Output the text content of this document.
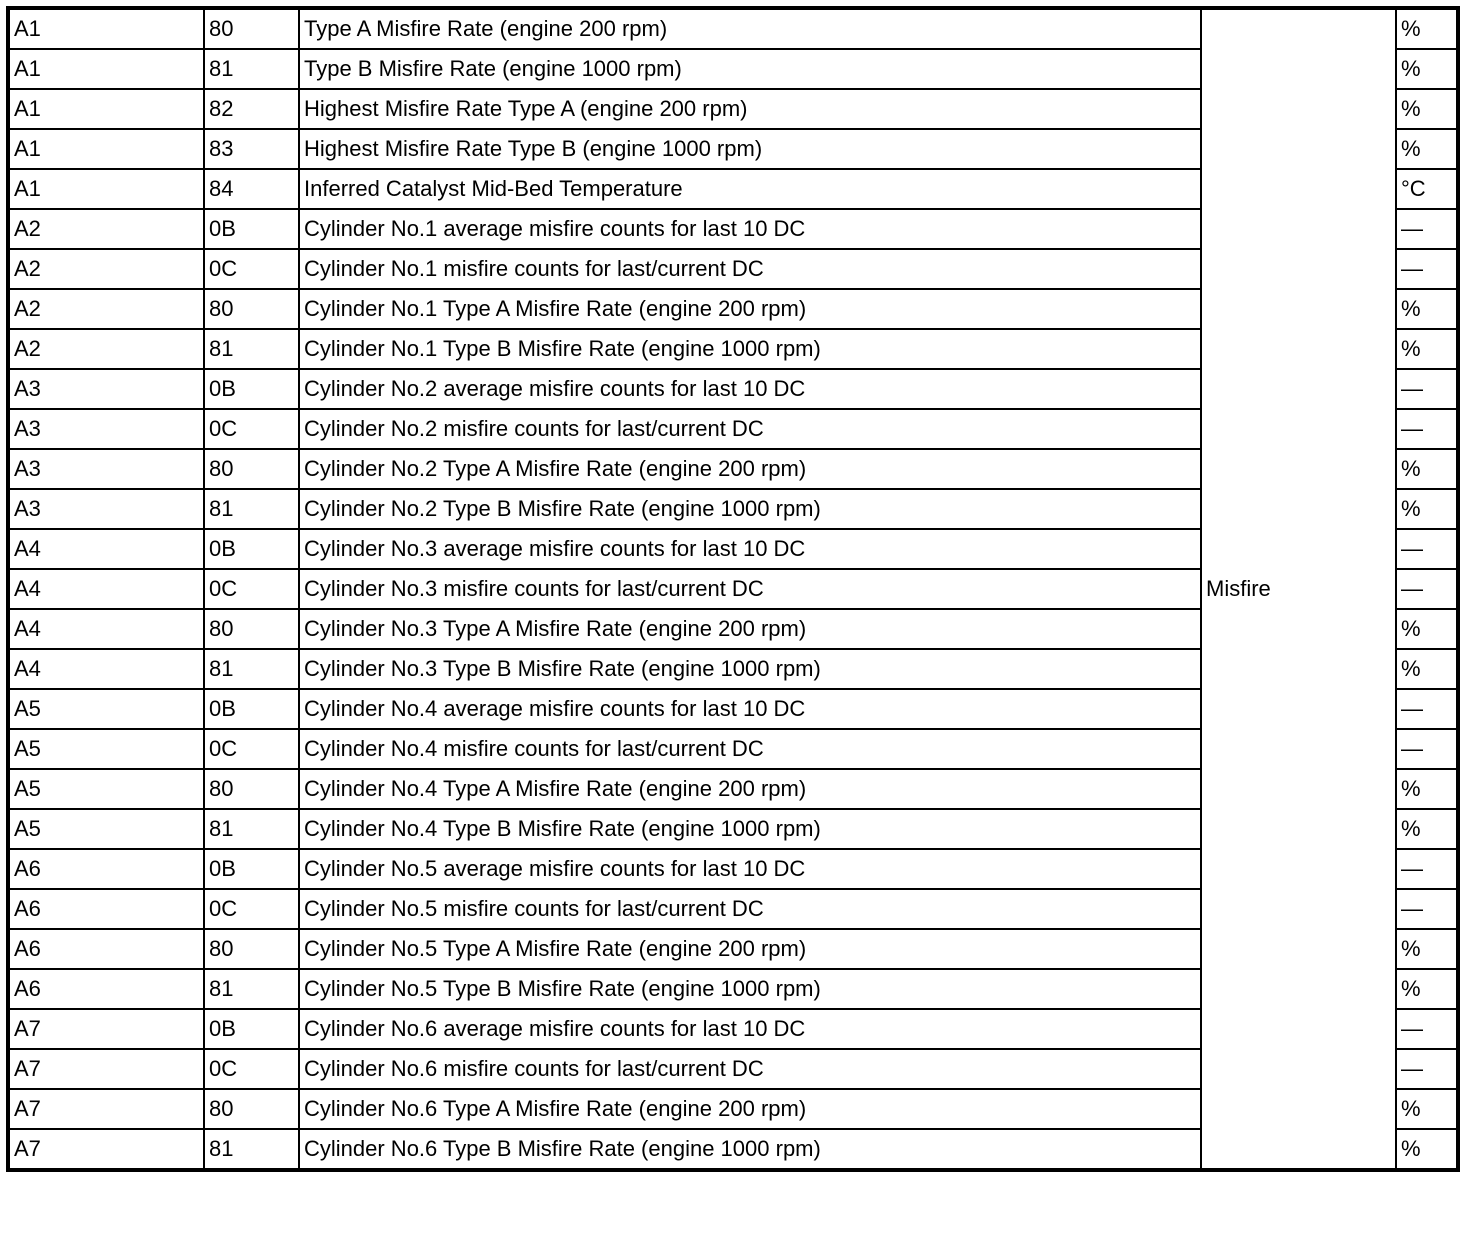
A1	80	Type A Misfire Rate (engine 200 rpm)	Misfire	%
A1	81	Type B Misfire Rate (engine 1000 rpm)		%
A1	82	Highest Misfire Rate Type A (engine 200 rpm)		%
A1	83	Highest Misfire Rate Type B (engine 1000 rpm)		%
A1	84	Inferred Catalyst Mid-Bed Temperature		°C
A2	0B	Cylinder No.1 average misfire counts for last 10 DC		—
A2	0C	Cylinder No.1 misfire counts for last/current DC		—
A2	80	Cylinder No.1 Type A Misfire Rate (engine 200 rpm)		%
A2	81	Cylinder No.1 Type B Misfire Rate (engine 1000 rpm)		%
A3	0B	Cylinder No.2 average misfire counts for last 10 DC		—
A3	0C	Cylinder No.2 misfire counts for last/current DC		—
A3	80	Cylinder No.2 Type A Misfire Rate (engine 200 rpm)		%
A3	81	Cylinder No.2 Type B Misfire Rate (engine 1000 rpm)		%
A4	0B	Cylinder No.3 average misfire counts for last 10 DC		—
A4	0C	Cylinder No.3 misfire counts for last/current DC		—
A4	80	Cylinder No.3 Type A Misfire Rate (engine 200 rpm)		%
A4	81	Cylinder No.3 Type B Misfire Rate (engine 1000 rpm)		%
A5	0B	Cylinder No.4 average misfire counts for last 10 DC		—
A5	0C	Cylinder No.4 misfire counts for last/current DC		—
A5	80	Cylinder No.4 Type A Misfire Rate (engine 200 rpm)		%
A5	81	Cylinder No.4 Type B Misfire Rate (engine 1000 rpm)		%
A6	0B	Cylinder No.5 average misfire counts for last 10 DC		—
A6	0C	Cylinder No.5 misfire counts for last/current DC		—
A6	80	Cylinder No.5 Type A Misfire Rate (engine 200 rpm)		%
A6	81	Cylinder No.5 Type B Misfire Rate (engine 1000 rpm)		%
A7	0B	Cylinder No.6 average misfire counts for last 10 DC		—
A7	0C	Cylinder No.6 misfire counts for last/current DC		—
A7	80	Cylinder No.6 Type A Misfire Rate (engine 200 rpm)		%
A7	81	Cylinder No.6 Type B Misfire Rate (engine 1000 rpm)		%
